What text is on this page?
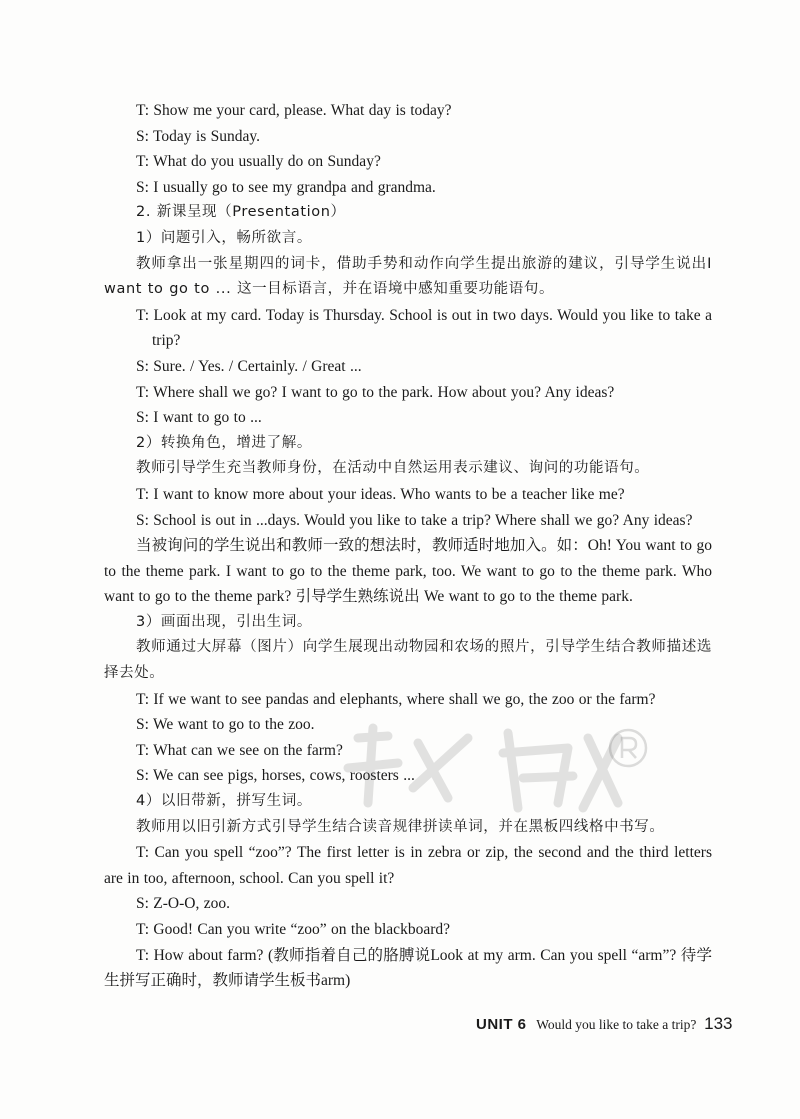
T: Show me your card, please. What day is today?

S: Today is Sunday.

T: What do you usually do on Sunday?

S: I usually go to see my grandpa and grandma.

2. 新课呈现（Presentation）

1）问题引入，畅所欲言。

教师拿出一张星期四的词卡，借助手势和动作向学生提出旅游的建议，引导学生说出I want to go to ... 这一目标语言，并在语境中感知重要功能语句。

T: Look at my card. Today is Thursday. School is out in two days. Would you like to take a trip?

S: Sure. / Yes. / Certainly. / Great ...

T: Where shall we go? I want to go to the park. How about you? Any ideas?

S: I want to go to ...

2）转换角色，增进了解。

教师引导学生充当教师身份，在活动中自然运用表示建议、询问的功能语句。

T: I want to know more about your ideas. Who wants to be a teacher like me?

S: School is out in ...days. Would you like to take a trip? Where shall we go? Any ideas?

当被询问的学生说出和教师一致的想法时，教师适时地加入。如：Oh! You want to go to the theme park. I want to go to the theme park, too. We want to go to the theme park. Who want to go to the theme park? 引导学生熟练说出 We want to go to the theme park.

3）画面出现，引出生词。

教师通过大屏幕（图片）向学生展现出动物园和农场的照片，引导学生结合教师描述选择去处。

T: If we want to see pandas and elephants, where shall we go, the zoo or the farm?

S: We want to go to the zoo.

T: What can we see on the farm?

S: We can see pigs, horses, cows, roosters ...

4）以旧带新，拼写生词。

教师用以旧引新方式引导学生结合读音规律拼读单词，并在黑板四线格中书写。

T: Can you spell “zoo”? The first letter is in zebra or zip, the second and the third letters are in too, afternoon, school. Can you spell it?

S: Z-O-O, zoo.

T: Good! Can you write “zoo” on the blackboard?

T: How about farm? (教师指着自己的胳膊说Look at my arm. Can you spell “arm”? 待学生拼写正确时，教师请学生板书arm)

UNIT 6 Would you like to take a trip? 133
